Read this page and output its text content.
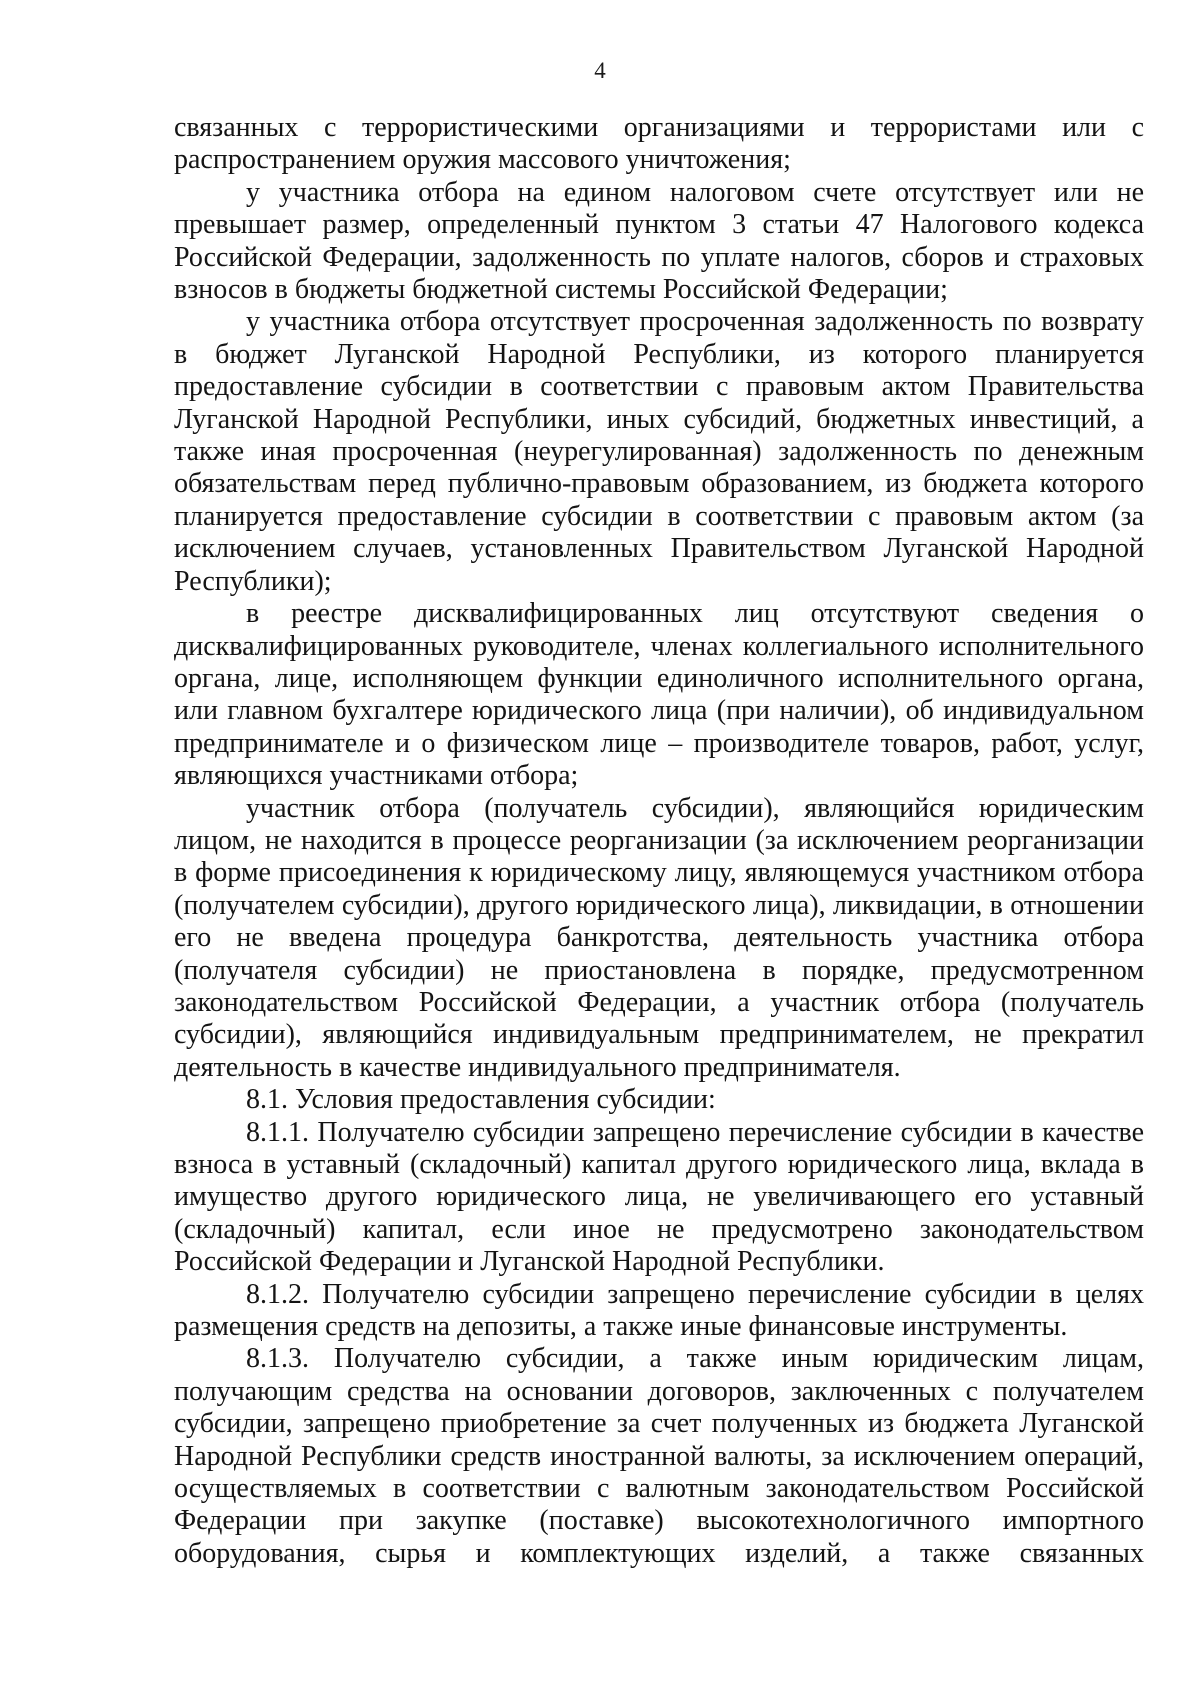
4

связанных с террористическими организациями и террористами или с распространением оружия массового уничтожения;

у участника отбора на едином налоговом счете отсутствует или не превышает размер, определенный пунктом 3 статьи 47 Налогового кодекса Российской Федерации, задолженность по уплате налогов, сборов и страховых взносов в бюджеты бюджетной системы Российской Федерации;

у участника отбора отсутствует просроченная задолженность по возврату в бюджет Луганской Народной Республики, из которого планируется предоставление субсидии в соответствии с правовым актом Правительства Луганской Народной Республики, иных субсидий, бюджетных инвестиций, а также иная просроченная (неурегулированная) задолженность по денежным обязательствам перед публично-правовым образованием, из бюджета которого планируется предоставление субсидии в соответствии с правовым актом (за исключением случаев, установленных Правительством Луганской Народной Республики);

в реестре дисквалифицированных лиц отсутствуют сведения о дисквалифицированных руководителе, членах коллегиального исполнительного органа, лице, исполняющем функции единоличного исполнительного органа, или главном бухгалтере юридического лица (при наличии), об индивидуальном предпринимателе и о физическом лице – производителе товаров, работ, услуг, являющихся участниками отбора;

участник отбора (получатель субсидии), являющийся юридическим лицом, не находится в процессе реорганизации (за исключением реорганизации в форме присоединения к юридическому лицу, являющемуся участником отбора (получателем субсидии), другого юридического лица), ликвидации, в отношении его не введена процедура банкротства, деятельность участника отбора (получателя субсидии) не приостановлена в порядке, предусмотренном законодательством Российской Федерации, а участник отбора (получатель субсидии), являющийся индивидуальным предпринимателем, не прекратил деятельность в качестве индивидуального предпринимателя.

8.1. Условия предоставления субсидии:

8.1.1. Получателю субсидии запрещено перечисление субсидии в качестве взноса в уставный (складочный) капитал другого юридического лица, вклада в имущество другого юридического лица, не увеличивающего его уставный (складочный) капитал, если иное не предусмотрено законодательством Российской Федерации и Луганской Народной Республики.

8.1.2. Получателю субсидии запрещено перечисление субсидии в целях размещения средств на депозиты, а также иные финансовые инструменты.

8.1.3. Получателю субсидии, а также иным юридическим лицам, получающим средства на основании договоров, заключенных с получателем субсидии, запрещено приобретение за счет полученных из бюджета Луганской Народной Республики средств иностранной валюты, за исключением операций, осуществляемых в соответствии с валютным законодательством Российской Федерации при закупке (поставке) высокотехнологичного импортного оборудования, сырья и комплектующих изделий, а также связанных
